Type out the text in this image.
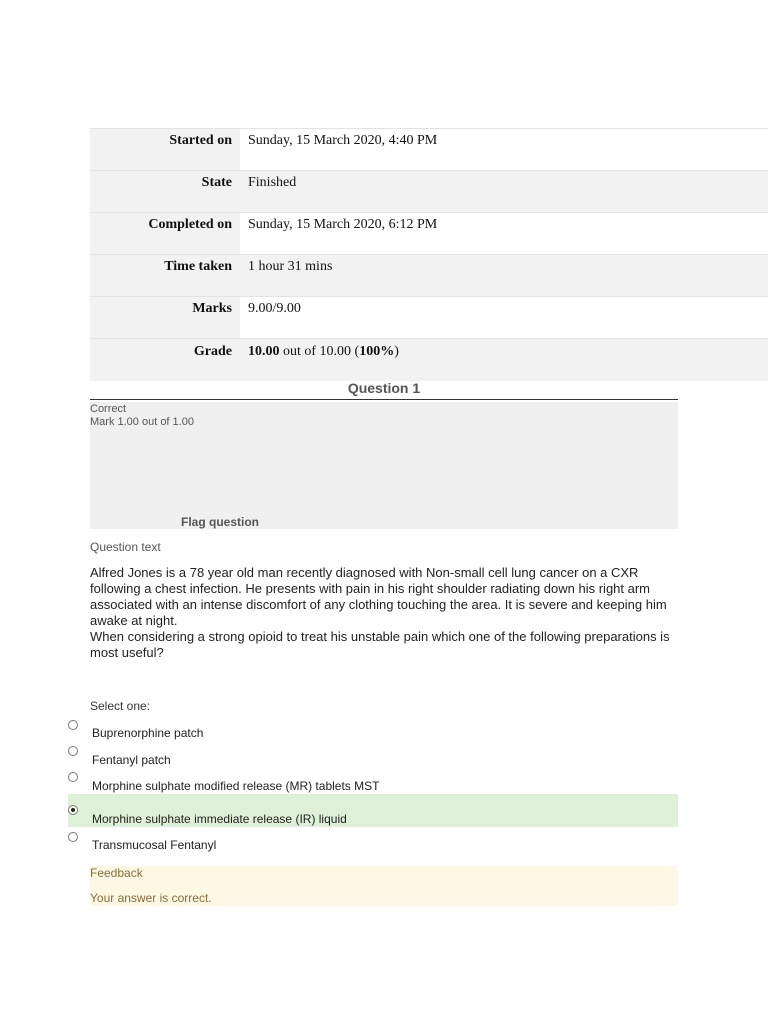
Started on	Sunday, 15 March 2020, 4:40 PM
State	Finished
Completed on	Sunday, 15 March 2020, 6:12 PM
Time taken	1 hour 31 mins
Marks	9.00/9.00
Grade	10.00 out of 10.00 (100%)
Question 1
Correct
Mark 1.00 out of 1.00
Flag question
Question text

Alfred Jones is a 78 year old man recently diagnosed with Non-small cell lung cancer on a CXR following a chest infection. He presents with pain in his right shoulder radiating down his right arm associated with an intense discomfort of any clothing touching the area. It is severe and keeping him awake at night.

When considering a strong opioid to treat his unstable pain which one of the following preparations is most useful?

Select one:
Buprenorphine patch
Fentanyl patch
Morphine sulphate modified release (MR) tablets MST
Morphine sulphate immediate release (IR) liquid
Transmucosal Fentanyl
Feedback
Your answer is correct.
